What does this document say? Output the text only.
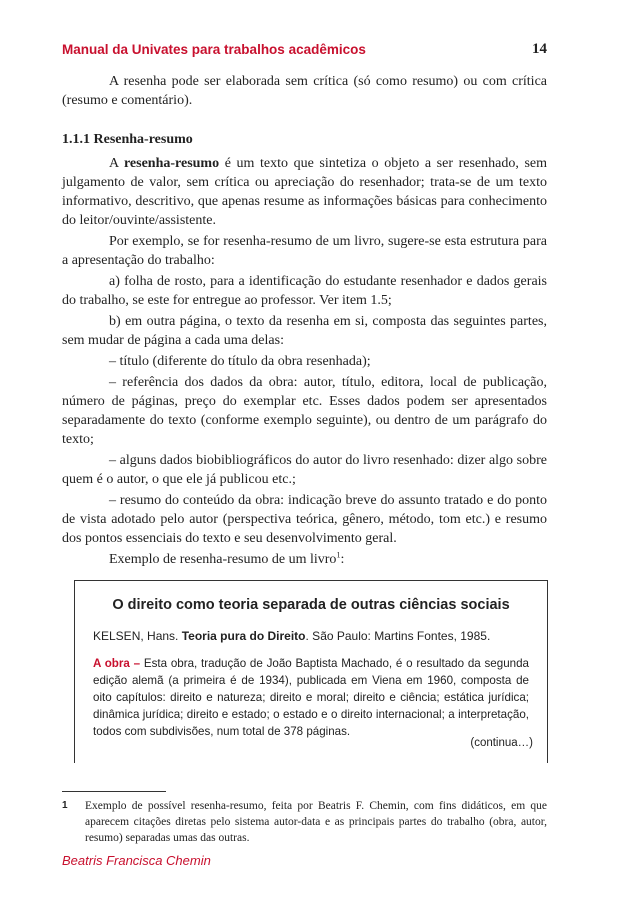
Manual da Univates para trabalhos acadêmicos	14

A resenha pode ser elaborada sem crítica (só como resumo) ou com crítica (resumo e comentário).

1.1.1 Resenha-resumo

A resenha-resumo é um texto que sintetiza o objeto a ser resenhado, sem julgamento de valor, sem crítica ou apreciação do resenhador; trata-se de um texto informativo, descritivo, que apenas resume as informações básicas para conhecimento do leitor/ouvinte/assistente.

Por exemplo, se for resenha-resumo de um livro, sugere-se esta estrutura para a apresentação do trabalho:

a) folha de rosto, para a identificação do estudante resenhador e dados gerais do trabalho, se este for entregue ao professor. Ver item 1.5;

b) em outra página, o texto da resenha em si, composta das seguintes partes, sem mudar de página a cada uma delas:

– título (diferente do título da obra resenhada);

– referência dos dados da obra: autor, título, editora, local de publicação, número de páginas, preço do exemplar etc. Esses dados podem ser apresentados separadamente do texto (conforme exemplo seguinte), ou dentro de um parágrafo do texto;

– alguns dados biobibliográficos do autor do livro resenhado: dizer algo sobre quem é o autor, o que ele já publicou etc.;

– resumo do conteúdo da obra: indicação breve do assunto tratado e do ponto de vista adotado pelo autor (perspectiva teórica, gênero, método, tom etc.) e resumo dos pontos essenciais do texto e seu desenvolvimento geral.

Exemplo de resenha-resumo de um livro$^1$:

O direito como teoria separada de outras ciências sociais
KELSEN, Hans. Teoria pura do Direito. São Paulo: Martins Fontes, 1985.
A obra – Esta obra, tradução de João Baptista Machado, é o resultado da segunda edição alemã (a primeira é de 1934), publicada em Viena em 1960, composta de oito capítulos: direito e natureza; direito e moral; direito e ciência; estática jurídica; dinâmica jurídica; direito e estado; o estado e o direito internacional; a interpretação, todos com subdivisões, num total de 378 páginas.
(continua…)
1 Exemplo de possível resenha-resumo, feita por Beatris F. Chemin, com fins didáticos, em que aparecem citações diretas pelo sistema autor-data e as principais partes do trabalho (obra, autor, resumo) separadas umas das outras.
Beatris Francisca Chemin
